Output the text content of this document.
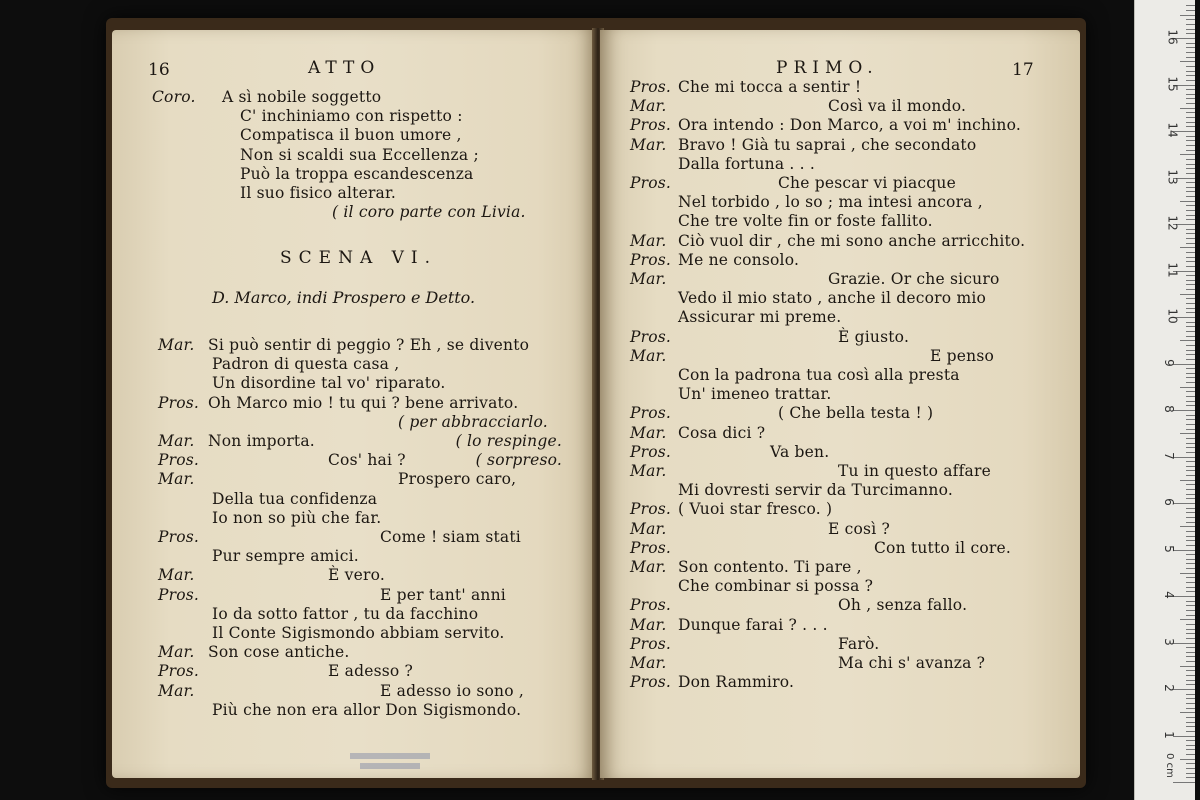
16	ATTO
Coro. A sì nobile soggetto
C' inchiniamo con rispetto :
Compatisca il buon umore ,
Non si scaldi sua Eccellenza ;
Può la troppa escandescenza
Il suo fisico alterar.
( il coro parte con Livia.
SCENA VI.
D. Marco, indi Prospero e Detto.
Mar. Si può sentir di peggio ? Eh , se divento
Padron di questa casa ,
Un disordine tal vo' riparato.
Pros. Oh Marco mio ! tu qui ? bene arrivato.
( per abbracciarlo.
Mar. Non importa.	( lo respinge.
Pros.	Cos' hai ?	( sorpreso.
Mar.	Prospero caro,
Della tua confidenza
Io non so più che far.
Pros.	Come ! siam stati
Pur sempre amici.
Mar.	È vero.
Pros.	E per tant' anni
Io da sotto fattor , tu da facchino
Il Conte Sigismondo abbiam servito.
Mar. Son cose antiche.
Pros.	E adesso ?
Mar.	E adesso io sono ,
Più che non era allor Don Sigismondo.
PRIMO.	17
Pros. Che mi tocca a sentir !
Mar.	Così va il mondo.
Pros. Ora intendo : Don Marco, a voi m' inchino.
Mar. Bravo ! Già tu saprai , che secondato
Dalla fortuna . . .
Pros.	Che pescar vi piacque
Nel torbido , lo so ; ma intesi ancora ,
Che tre volte fin or foste fallito.
Mar. Ciò vuol dir , che mi sono anche arricchito.
Pros. Me ne consolo.
Mar.	Grazie. Or che sicuro
Vedo il mio stato , anche il decoro mio
Assicurar mi preme.
Pros.	È giusto.
Mar.	E penso
Con la padrona tua così alla presta
Un' imeneo trattar.
Pros.	( Che bella testa ! )
Mar. Cosa dici ?
Pros.	Va ben.
Mar.	Tu in questo affare
Mi dovresti servir da Turcimanno.
Pros. ( Vuoi star fresco. )
Mar.	E così ?
Pros.	Con tutto il core.
Mar. Son contento. Ti pare ,
Che combinar si possa ?
Pros.	Oh , senza fallo.
Mar. Dunque farai ? . . .
Pros.	Farò.
Mar.	Ma chi s' avanza ?
Pros. Don Rammiro.
1
2
3
4
5
6
7
8
9
10
11
12
13
14
15
16
0 cm
